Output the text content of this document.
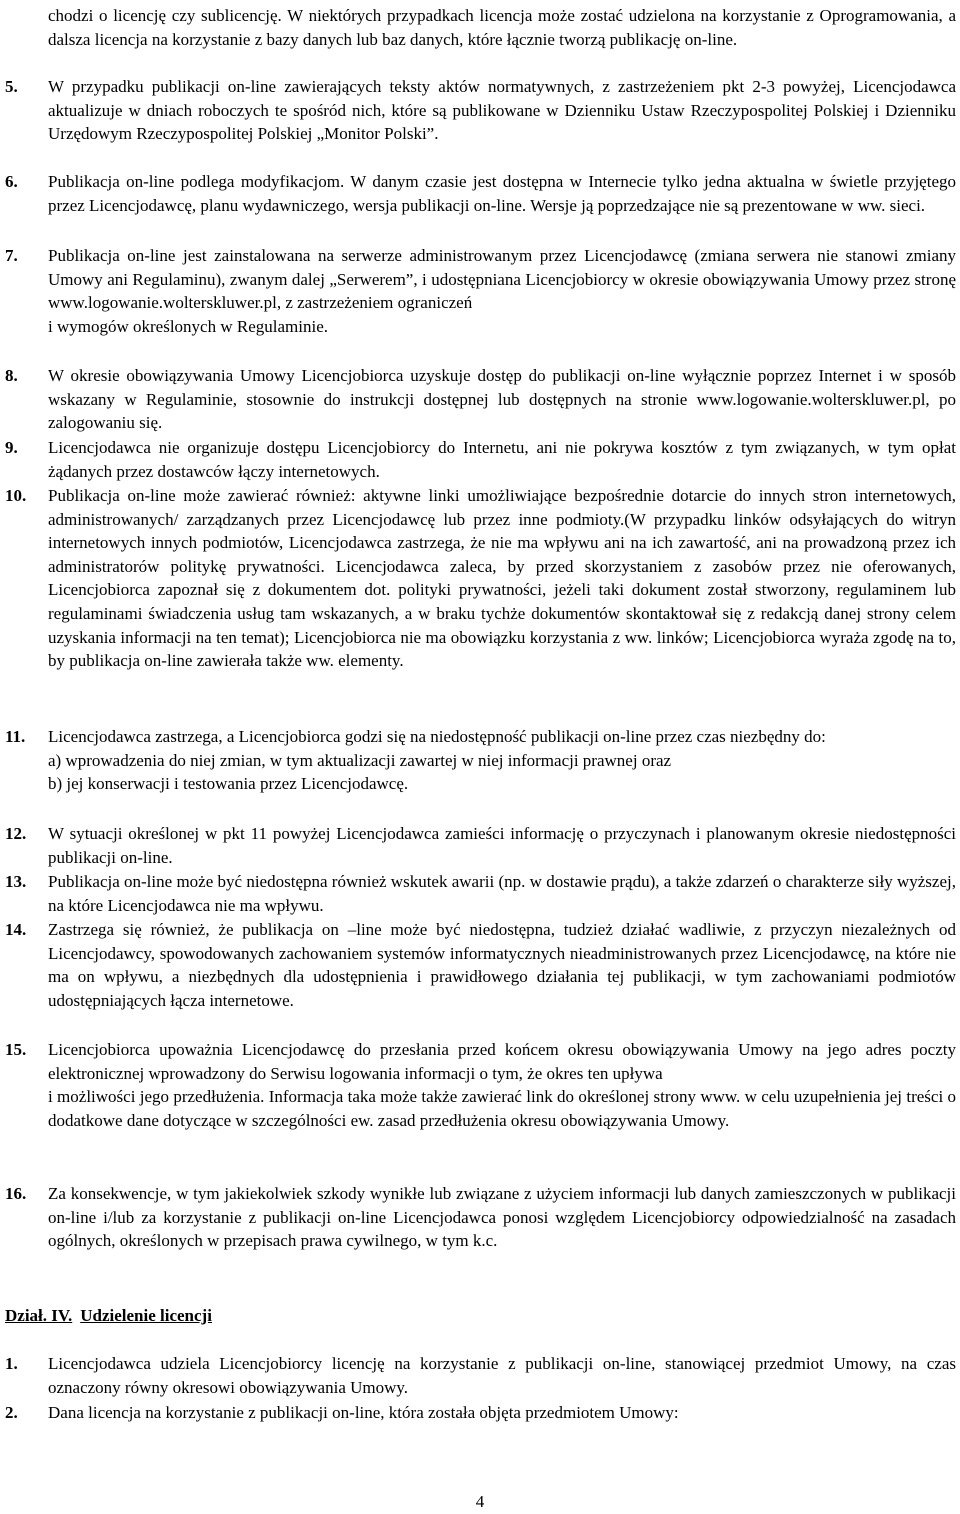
chodzi o licencję czy sublicencję. W niektórych przypadkach licencja może zostać udzielona na korzystanie z Oprogramowania, a dalsza licencja na korzystanie z bazy danych lub baz danych, które łącznie tworzą publikację on-line.
5.	W przypadku publikacji on-line zawierających teksty aktów normatywnych, z zastrzeżeniem pkt 2-3 powyżej, Licencjodawca aktualizuje w dniach roboczych te spośród nich, które są publikowane w Dzienniku Ustaw Rzeczypospolitej Polskiej i Dzienniku Urzędowym Rzeczypospolitej Polskiej „Monitor Polski”.

6.	Publikacja on-line podlega modyfikacjom. W danym czasie jest dostępna w Internecie tylko jedna aktualna w świetle przyjętego przez Licencjodawcę, planu wydawniczego, wersja publikacji on-line. Wersje ją poprzedzające nie są prezentowane w ww. sieci.

7.	Publikacja on-line jest zainstalowana na serwerze administrowanym przez Licencjodawcę (zmiana serwera nie stanowi zmiany Umowy ani Regulaminu), zwanym dalej „Serwerem”, i udostępniana Licencjobiorcy w okresie obowiązywania Umowy przez stronę www.logowanie.wolterskluwer.pl, z zastrzeżeniem ograniczeń

i wymogów określonych w Regulaminie.

8.	W okresie obowiązywania Umowy Licencjobiorca uzyskuje dostęp do publikacji on-line wyłącznie poprzez Internet i w sposób wskazany w Regulaminie, stosownie do instrukcji dostępnej lub dostępnych na stronie www.logowanie.wolterskluwer.pl, po zalogowaniu się.

9.	Licencjodawca nie organizuje dostępu Licencjobiorcy do Internetu, ani nie pokrywa kosztów z tym związanych, w tym opłat żądanych przez dostawców łączy internetowych.

10.	Publikacja on-line może zawierać również: aktywne linki umożliwiające bezpośrednie dotarcie do innych stron internetowych, administrowanych/ zarządzanych przez Licencjodawcę lub przez inne podmioty.(W przypadku linków odsyłających do witryn internetowych innych podmiotów, Licencjodawca zastrzega, że nie ma wpływu ani na ich zawartość, ani na prowadzoną przez ich administratorów politykę prywatności. Licencjodawca zaleca, by przed skorzystaniem z zasobów przez nie oferowanych, Licencjobiorca zapoznał się z dokumentem dot. polityki prywatności, jeżeli taki dokument został stworzony, regulaminem lub regulaminami świadczenia usług tam wskazanych, a w braku tychże dokumentów skontaktował się z redakcją danej strony celem uzyskania informacji na ten temat); Licencjobiorca nie ma obowiązku korzystania z ww. linków; Licencjobiorca wyraża zgodę na to, by publikacja on-line zawierała także ww. elementy.

11.	Licencjodawca zastrzega, a Licencjobiorca godzi się na niedostępność publikacji on-line przez czas niezbędny do:

a) wprowadzenia do niej zmian, w tym aktualizacji zawartej w niej informacji prawnej oraz

b) jej konserwacji i testowania przez Licencjodawcę.

12.	W sytuacji określonej w pkt 11 powyżej Licencjodawca zamieści informację o przyczynach i planowanym okresie niedostępności publikacji on-line.

13.	Publikacja on-line może być niedostępna również wskutek awarii (np. w dostawie prądu), a także zdarzeń o charakterze siły wyższej, na które Licencjodawca nie ma wpływu.

14.	Zastrzega się również, że publikacja on –line może być niedostępna, tudzież działać wadliwie, z przyczyn niezależnych od Licencjodawcy, spowodowanych zachowaniem systemów informatycznych nieadministrowanych przez Licencjodawcę, na które nie ma on wpływu, a niezbędnych dla udostępnienia i prawidłowego działania tej publikacji, w tym zachowaniami podmiotów udostępniających łącza internetowe.

15.	Licencjobiorca upoważnia Licencjodawcę do przesłania przed końcem okresu obowiązywania Umowy na jego adres poczty elektronicznej wprowadzony do Serwisu logowania informacji o tym, że okres ten upływa

i możliwości jego przedłużenia. Informacja taka może także zawierać link do określonej strony www. w celu uzupełnienia jej treści o dodatkowe dane dotyczące w szczególności ew. zasad przedłużenia okresu obowiązywania Umowy.

16.	Za konsekwencje, w tym jakiekolwiek szkody wynikłe lub związane z użyciem informacji lub danych zamieszczonych w publikacji on-line i/lub za korzystanie z publikacji on-line Licencjodawca ponosi względem Licencjobiorcy odpowiedzialność na zasadach ogólnych, określonych w przepisach prawa cywilnego, w tym k.c.

Dział. IV. Udzielenie licencji
1.	Licencjodawca udziela Licencjobiorcy licencję na korzystanie z publikacji on-line, stanowiącej przedmiot Umowy, na czas oznaczony równy okresowi obowiązywania Umowy.

2.	Dana licencja na korzystanie z publikacji on-line, która została objęta przedmiotem Umowy:

4
